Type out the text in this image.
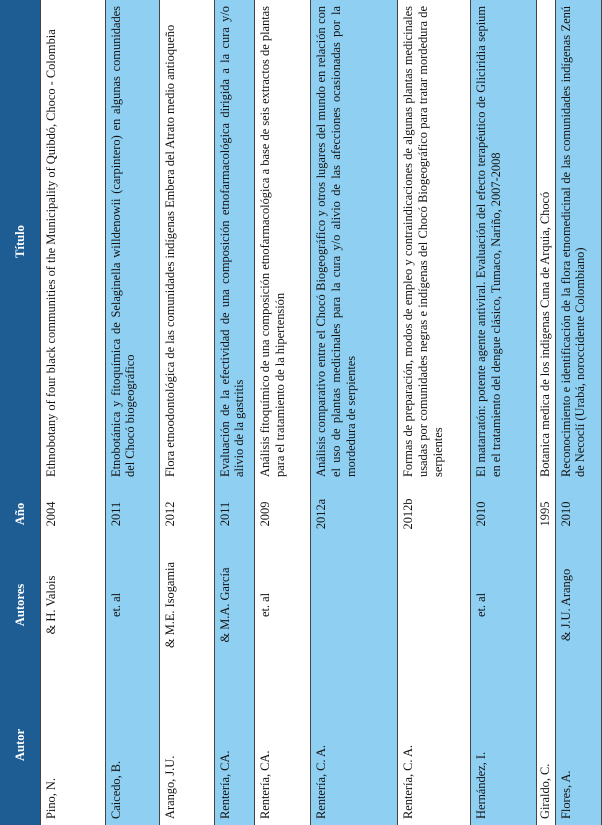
Autor	Autores	Año	Título
Pino, N.	& H. Valois	2004	Ethnobotany of four black communities of the Municipality of Quibdó, Choco - Colombia
Caicedo, B.	et. al	2011	Etnobotánica y fitoquímica de Selaginella willdenowii (carpintero) en algunas comunidades del Chocó biogeográfico
Arango, J.U.	& M.E. Isogamia	2012	Flora etnoodontológica de las comunidades indígenas Embera del Atrato medio antioqueño
Rentería, CA.	& M.A. García	2011	Evaluación de la efectividad de una composición etnofarmacológica dirigida a la cura y/o alivio de la gastritis
Rentería, CA.	et. al	2009	Análisis fitoquímico de una composición etnofarmacológica a base de seis extractos de plantas para el tratamiento de la hipertensión
Rentería, C. A.		2012a	Análisis comparativo entre el Chocó Biogeográfico y otros lugares del mundo en relación con el uso de plantas medicinales para la cura y/o alivio de las afecciones ocasionadas por la mordedura de serpientes
Rentería, C. A.		2012b	Formas de preparación, modos de empleo y contraindicaciones de algunas plantas medicinales usadas por comunidades negras e indígenas del Chocó Biogeográfico para tratar mordedura de serpientes
Hernández, I.	et. al	2010	El matarratón: potente agente antiviral. Evaluación del efecto terapéutico de Gliciridia sepium en el tratamiento del dengue clásico, Tumaco, Nariño, 2007-2008
Giraldo, C.		1995	Botanica medica de los indigenas Cuna de Arquia, Chocó
Flores, A.	& J.U. Arango	2010	Reconocimiento e identificación de la flora etnomedicinal de las comunidades indígenas Zenú de Necoclí (Urabá, noroccidente Colombiano)
